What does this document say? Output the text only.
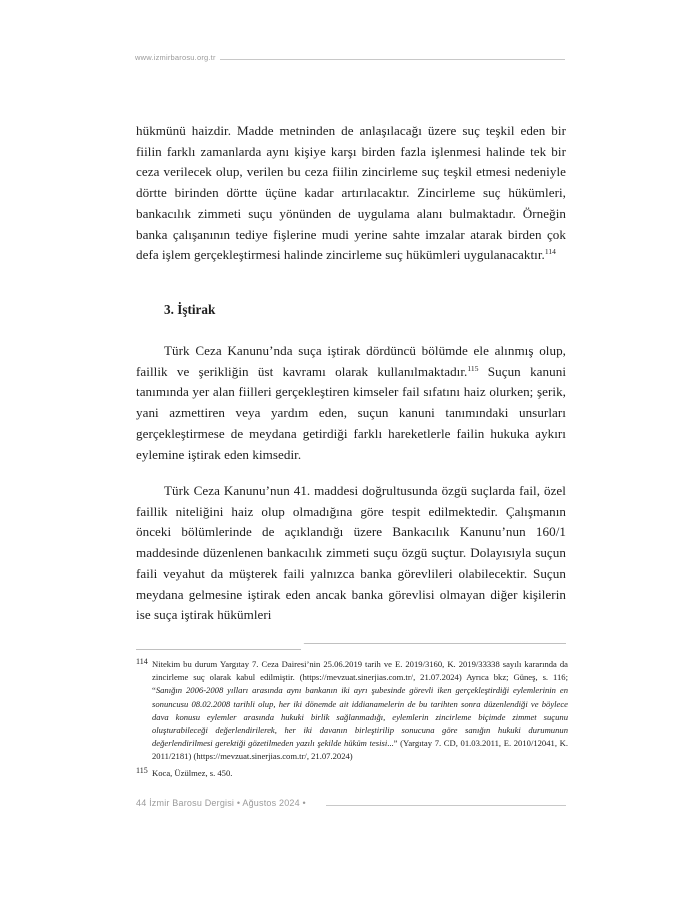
www.izmirbarosu.org.tr

hükmünü haizdir. Madde metninden de anlaşılacağı üzere suç teşkil eden bir fiilin farklı zamanlarda aynı kişiye karşı birden fazla işlenmesi halinde tek bir ceza verilecek olup, verilen bu ceza fiilin zincirleme suç teşkil etmesi nedeniyle dörtte birinden dörtte üçüne kadar artırılacaktır. Zincirleme suç hükümleri, bankacılık zimmeti suçu yönünden de uygulama alanı bulmaktadır. Örneğin banka çalışanının tediye fişlerine mudi yerine sahte imzalar atarak birden çok defa işlem gerçekleştirmesi halinde zincirleme suç hükümleri uygulanacaktır.$^{114}$

3. İştirak

Türk Ceza Kanunu’nda suça iştirak dördüncü bölümde ele alınmış olup, faillik ve şerikliğin üst kavramı olarak kullanılmaktadır.$^{115}$ Suçun kanuni tanımında yer alan fiilleri gerçekleştiren kimseler fail sıfatını haiz olurken; şerik, yani azmettiren veya yardım eden, suçun kanuni tanımındaki unsurları gerçekleştirmese de meydana getirdiği farklı hareketlerle failin hukuka aykırı eylemine iştirak eden kimsedir.

Türk Ceza Kanunu’nun 41. maddesi doğrultusunda özgü suçlarda fail, özel faillik niteliğini haiz olup olmadığına göre tespit edilmektedir. Çalışmanın önceki bölümlerinde de açıklandığı üzere Bankacılık Kanunu’nun 160/1 maddesinde düzenlenen bankacılık zimmeti suçu özgü suçtur. Dolayısıyla suçun faili veyahut da müşterek faili yalnızca banka görevlileri olabilecektir. Suçun meydana gelmesine iştirak eden ancak banka görevlisi olmayan diğer kişilerin ise suça iştirak hükümleri

114 Nitekim bu durum Yargıtay 7. Ceza Dairesi’nin 25.06.2019 tarih ve E. 2019/3160, K. 2019/33338 sayılı kararında da zincirleme suç olarak kabul edilmiştir. (https://mevzuat.sinerjias.com.tr/, 21.07.2024) Ayrıca bkz; Güneş, s. 116; “Sanığın 2006-2008 yılları arasında aynı bankanın iki ayrı şubesinde görevli iken gerçekleştirdiği eylemlerinin en sonuncusu 08.02.2008 tarihli olup, her iki dönemde ait iddianamelerin de bu tarihten sonra düzenlendiği ve böylece dava konusu eylemler arasında hukuki birlik sağlanmadığı, eylemlerin zincirleme biçimde zimmet suçunu oluşturabileceği değerlendirilerek, her iki davanın birleştirilip sonucuna göre sanığın hukuki durumunun değerlendirilmesi gerektiği gözetilmeden yazılı şekilde hüküm tesisi...” (Yargıtay 7. CD, 01.03.2011, E. 2010/12041, K. 2011/2181) (https://mevzuat.sinerjias.com.tr/, 21.07.2024)

115 Koca, Üzülmez, s. 450.

44 İzmir Barosu Dergisi • Ağustos 2024 •
